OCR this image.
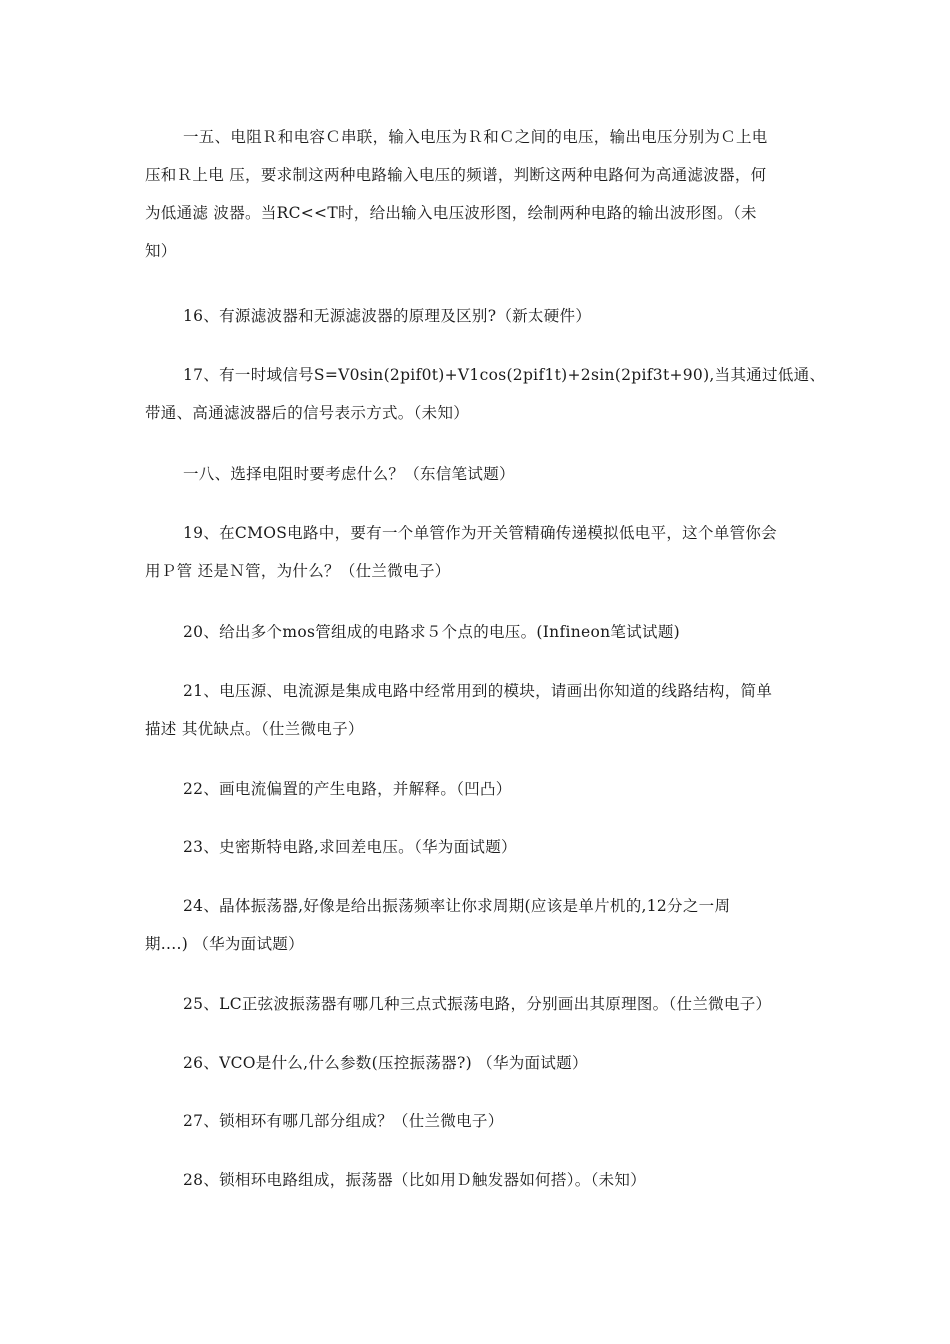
一五、电阻Ｒ和电容Ｃ串联，输入电压为Ｒ和Ｃ之间的电压，输出电压分别为Ｃ上电
压和Ｒ上电 压，要求制这两种电路输入电压的频谱，判断这两种电路何为高通滤波器，何
为低通滤 波器。当RC<<T时，给出输入电压波形图，绘制两种电路的输出波形图。（未
知）
16、有源滤波器和无源滤波器的原理及区别?（新太硬件）
17、有一时域信号S=V0sin(2pif0t)+V1cos(2pif1t)+2sin(2pif3t+90),当其通过低通、
带通、高通滤波器后的信号表示方式。（未知）
一八、选择电阻时要考虑什么？（东信笔试题）
19、在CMOS电路中，要有一个单管作为开关管精确传递模拟低电平，这个单管你会
用Ｐ管 还是Ｎ管，为什么？（仕兰微电子）
20、给出多个mos管组成的电路求５个点的电压。(Infineon笔试试题)
21、电压源、电流源是集成电路中经常用到的模块，请画出你知道的线路结构，简单
描述 其优缺点。（仕兰微电子）
22、画电流偏置的产生电路，并解释。（凹凸）
23、史密斯特电路,求回差电压。（华为面试题）
24、晶体振荡器,好像是给出振荡频率让你求周期(应该是单片机的,12分之一周
期....) （华为面试题）
25、LC正弦波振荡器有哪几种三点式振荡电路，分别画出其原理图。（仕兰微电子）
26、VCO是什么,什么参数(压控振荡器?) （华为面试题）
27、锁相环有哪几部分组成？（仕兰微电子）
28、锁相环电路组成，振荡器（比如用Ｄ触发器如何搭）。（未知）
